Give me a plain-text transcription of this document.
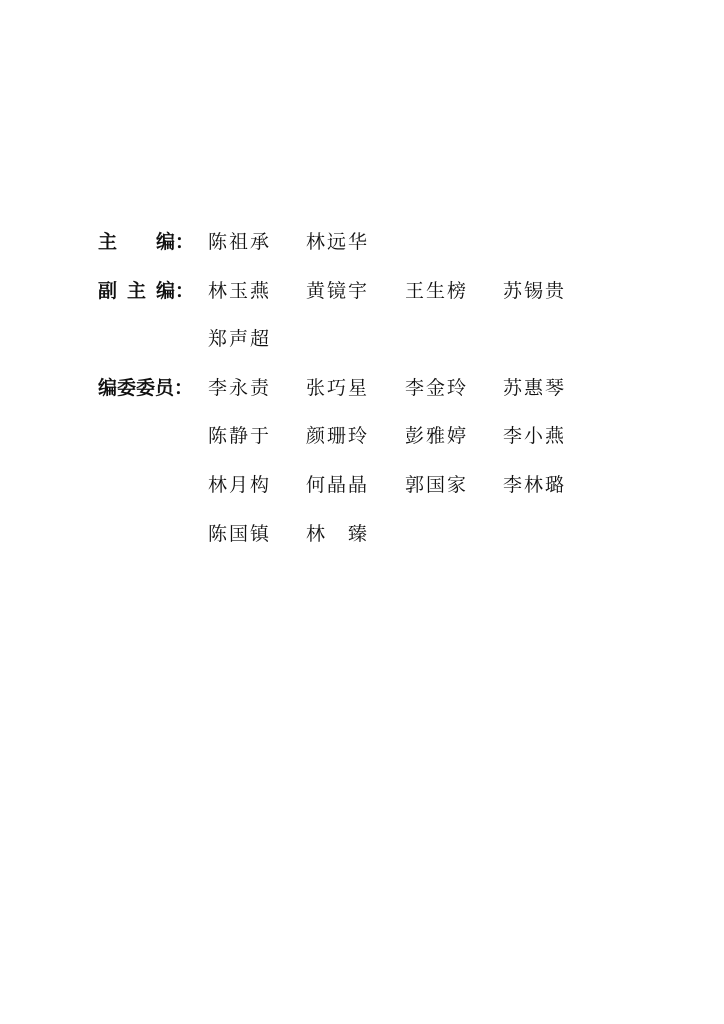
主 编： 陈祖承 林远华
副 主 编： 林玉燕 黄镜宇 王生榜 苏锡贵
郑声超
编委委员： 李永责 张巧星 李金玲 苏惠琴
陈静于 颜珊玲 彭雅婷 李小燕
林月构 何晶晶 郭国家 李林璐
陈国镇 林　臻
